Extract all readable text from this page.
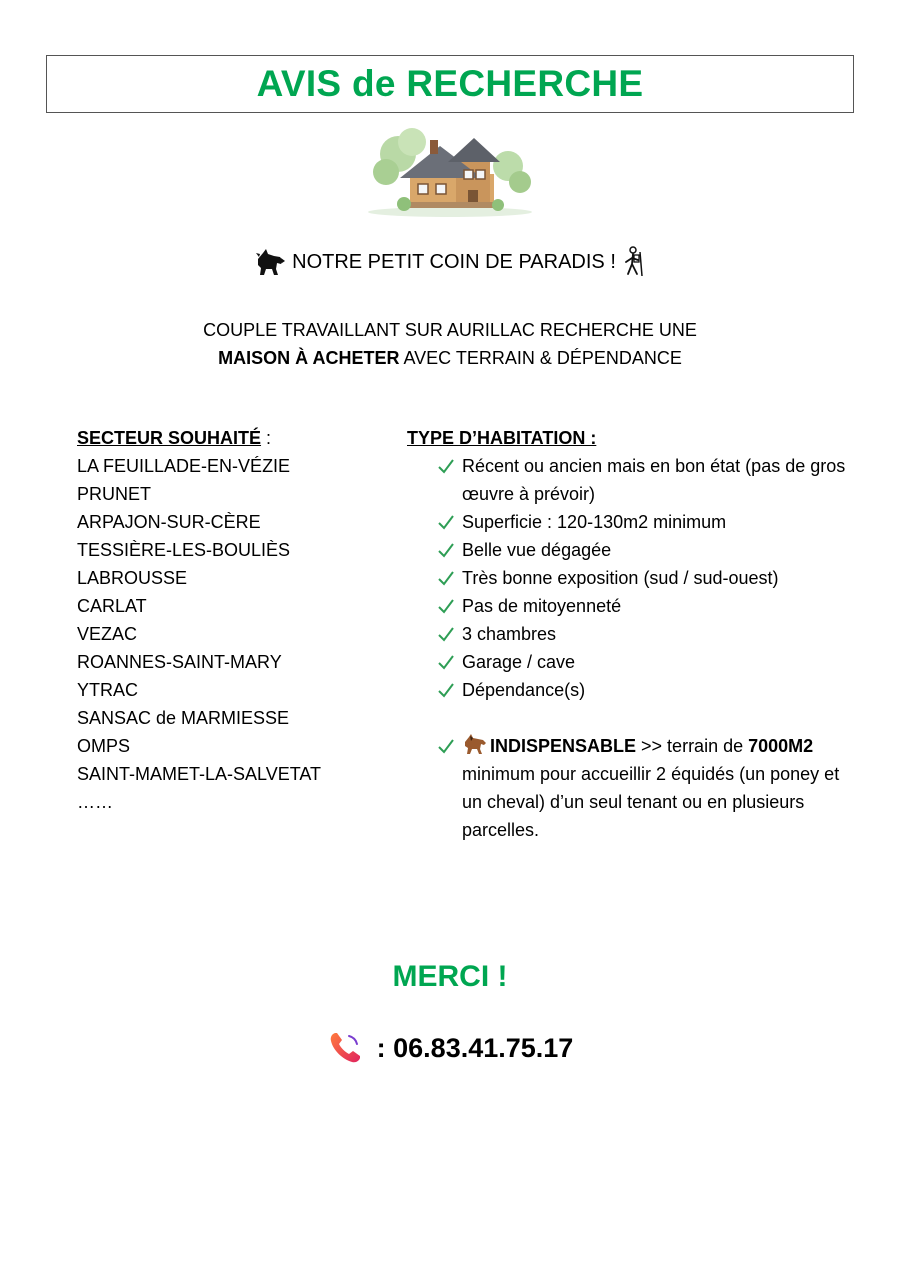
AVIS de RECHERCHE
NOTRE PETIT COIN DE PARADIS !
COUPLE TRAVAILLANT SUR AURILLAC RECHERCHE UNE
MAISON À ACHETER AVEC TERRAIN & DÉPENDANCE
SECTEUR SOUHAITÉ :
LA FEUILLADE-EN-VÉZIE
PRUNET
ARPAJON-SUR-CÈRE
TESSIÈRE-LES-BOULIÈS
LABROUSSE
CARLAT
VEZAC
ROANNES-SAINT-MARY
YTRAC
SANSAC de MARMIESSE
OMPS
SAINT-MAMET-LA-SALVETAT
……
TYPE D’HABITATION :
Récent ou ancien mais en bon état (pas de gros œuvre à prévoir)
Superficie : 120-130m2 minimum
Belle vue dégagée
Très bonne exposition (sud / sud-ouest)
Pas de mitoyenneté
3 chambres
Garage / cave
Dépendance(s)
INDISPENSABLE >> terrain de 7000M2 minimum pour accueillir 2 équidés (un poney et un cheval) d’un seul tenant ou en plusieurs parcelles.
MERCI !
: 06.83.41.75.17
